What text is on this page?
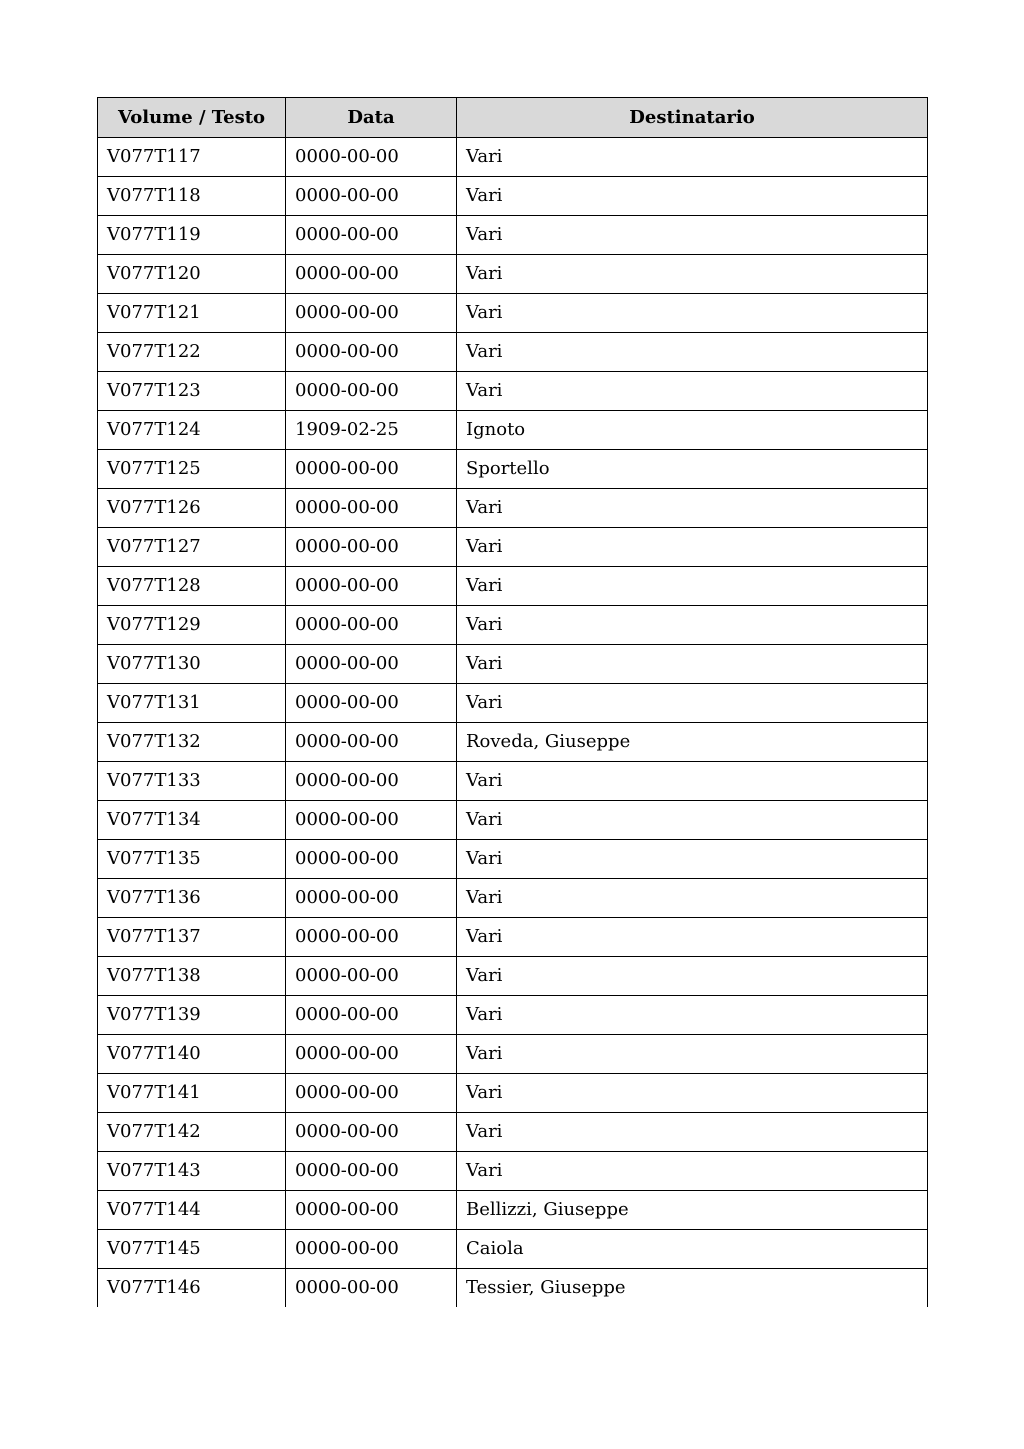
Volume / Testo	Data	Destinatario
V077T117	0000-00-00	Vari
V077T118	0000-00-00	Vari
V077T119	0000-00-00	Vari
V077T120	0000-00-00	Vari
V077T121	0000-00-00	Vari
V077T122	0000-00-00	Vari
V077T123	0000-00-00	Vari
V077T124	1909-02-25	Ignoto
V077T125	0000-00-00	Sportello
V077T126	0000-00-00	Vari
V077T127	0000-00-00	Vari
V077T128	0000-00-00	Vari
V077T129	0000-00-00	Vari
V077T130	0000-00-00	Vari
V077T131	0000-00-00	Vari
V077T132	0000-00-00	Roveda, Giuseppe
V077T133	0000-00-00	Vari
V077T134	0000-00-00	Vari
V077T135	0000-00-00	Vari
V077T136	0000-00-00	Vari
V077T137	0000-00-00	Vari
V077T138	0000-00-00	Vari
V077T139	0000-00-00	Vari
V077T140	0000-00-00	Vari
V077T141	0000-00-00	Vari
V077T142	0000-00-00	Vari
V077T143	0000-00-00	Vari
V077T144	0000-00-00	Bellizzi, Giuseppe
V077T145	0000-00-00	Caiola
V077T146	0000-00-00	Tessier, Giuseppe
